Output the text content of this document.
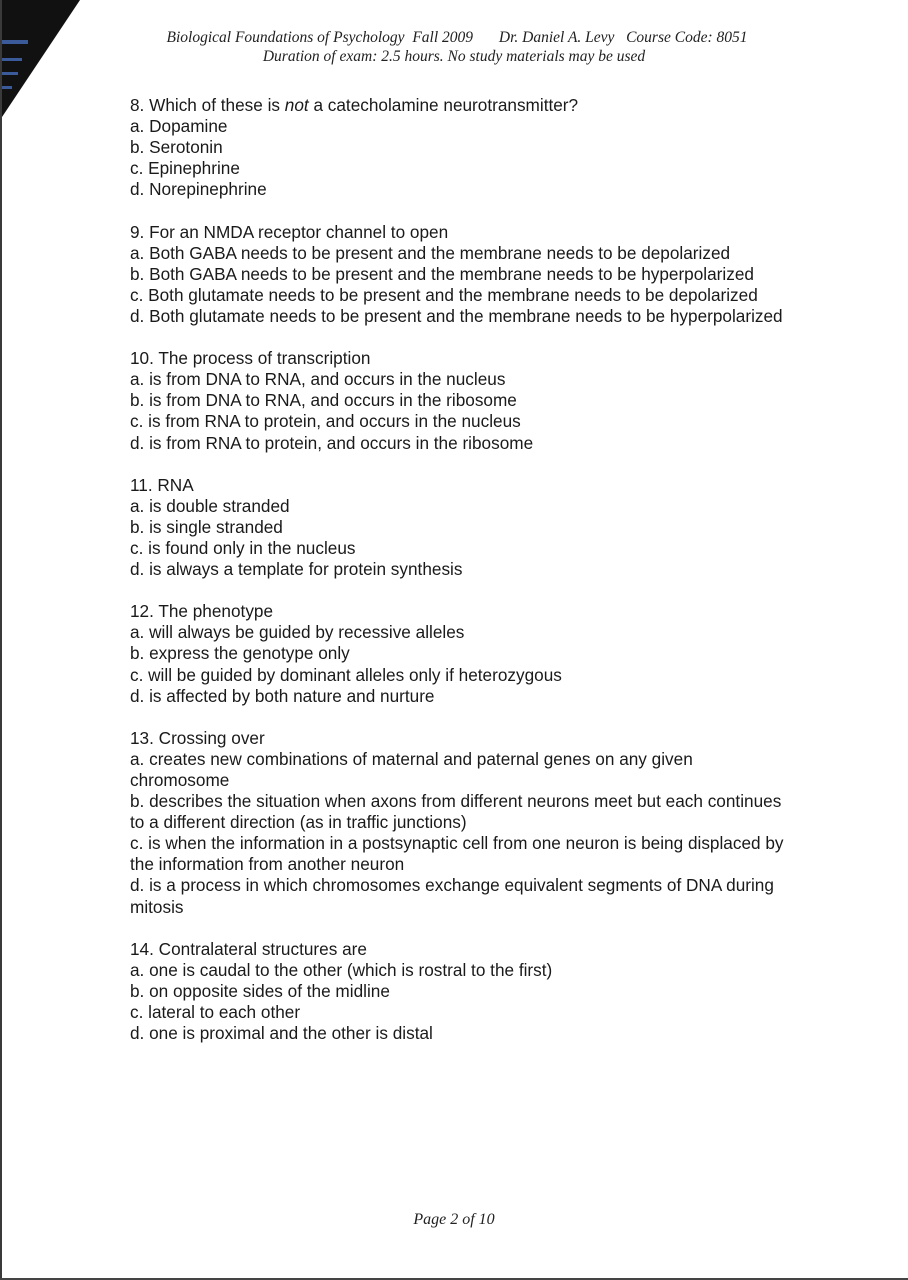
Biological Foundations of Psychology Fall 2009 Dr. Daniel A. Levy Course Code: 8051
Duration of exam: 2.5 hours. No study materials may be used

8. Which of these is not a catecholamine neurotransmitter?

a. Dopamine

b. Serotonin

c. Epinephrine

d. Norepinephrine

9. For an NMDA receptor channel to open

a. Both GABA needs to be present and the membrane needs to be depolarized

b. Both GABA needs to be present and the membrane needs to be hyperpolarized

c. Both glutamate needs to be present and the membrane needs to be depolarized

d. Both glutamate needs to be present and the membrane needs to be hyperpolarized

10. The process of transcription

a. is from DNA to RNA, and occurs in the nucleus

b. is from DNA to RNA, and occurs in the ribosome

c. is from RNA to protein, and occurs in the nucleus

d. is from RNA to protein, and occurs in the ribosome

11. RNA

a. is double stranded

b. is single stranded

c. is found only in the nucleus

d. is always a template for protein synthesis

12. The phenotype

a. will always be guided by recessive alleles

b. express the genotype only

c. will be guided by dominant alleles only if heterozygous

d. is affected by both nature and nurture

13. Crossing over

a. creates new combinations of maternal and paternal genes on any given chromosome

b. describes the situation when axons from different neurons meet but each continues to a different direction (as in traffic junctions)

c. is when the information in a postsynaptic cell from one neuron is being displaced by the information from another neuron

d. is a process in which chromosomes exchange equivalent segments of DNA during mitosis

14. Contralateral structures are

a. one is caudal to the other (which is rostral to the first)

b. on opposite sides of the midline

c. lateral to each other

d. one is proximal and the other is distal

Page 2 of 10
